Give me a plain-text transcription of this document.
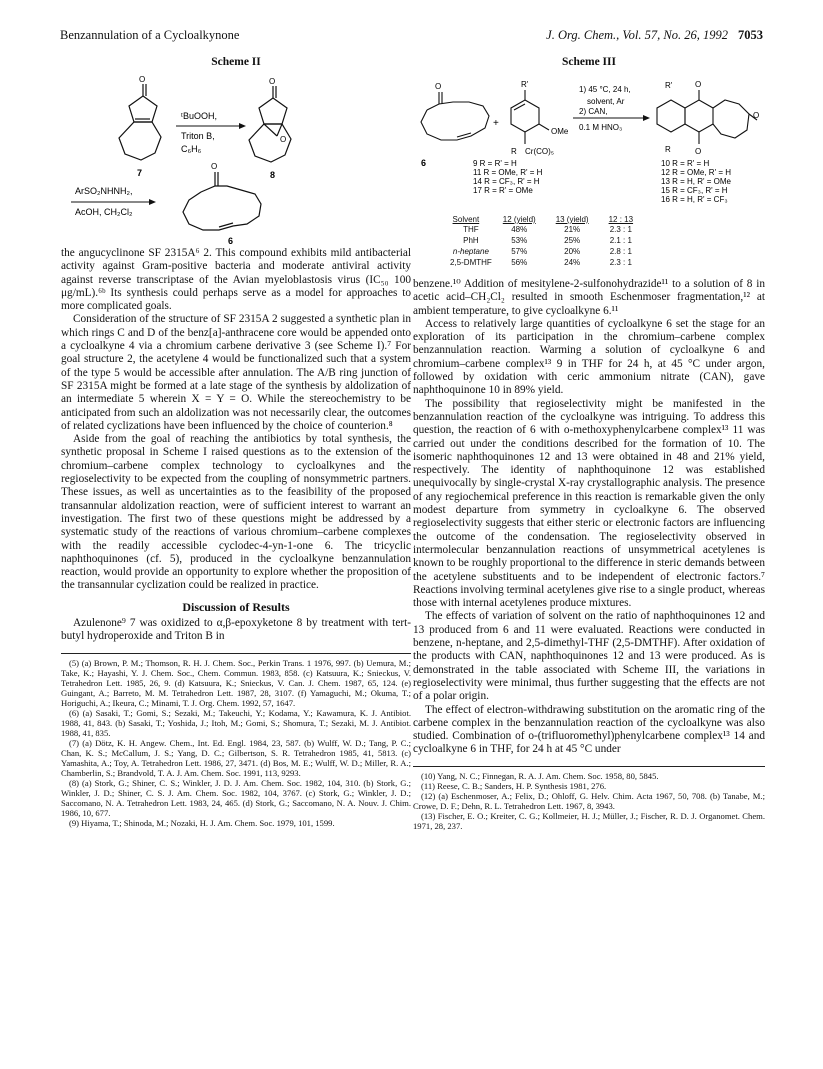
Benzannulation of a Cycloalkynone	J. Org. Chem., Vol. 57, No. 26, 1992 7053
Scheme II
O
7
ᵗBuOOH,
Triton B,
C₆H₆
O
O
8
ArSO₂NHNH₂,
AcOH, CH₂Cl₂
O
6

the angucyclinone SF 2315A⁶ 2. This compound exhibits mild antibacterial activity against Gram-positive bacteria and moderate antiviral activity against reverse transcriptase of the Avian myeloblastosis virus (IC₅₀ 100 μg/mL).⁶ᵇ Its synthesis could perhaps serve as a model for approaches to more complicated goals.

Consideration of the structure of SF 2315A 2 suggested a synthetic plan in which rings C and D of the benz[a]-anthracene core would be appended onto a cycloalkyne 4 via a chromium carbene derivative 3 (see Scheme I).⁷ For goal structure 2, the acetylene 4 would be functionalized such that a system of the type 5 would be accessible after annulation. The A/B ring junction of SF 2315A might be formed at a late stage of the synthesis by aldolization of an intermediate 5 wherein X = Y = O. While the stereochemistry to be anticipated from such an aldolization was not necessarily clear, the outcomes of related cyclizations have been influenced by the choice of counterion.⁸

Aside from the goal of reaching the antibiotics by total synthesis, the synthetic proposal in Scheme I raised questions as to the extension of the chromium–carbene complex technology to cycloalkynes and the regioselectivity to be expected from the coupling of nonsymmetric partners. These issues, as well as uncertainties as to the feasibility of the proposed transannular aldolization reaction, were of sufficient interest to warrant an investigation. The first two of these questions might be addressed by a systematic study of the reactions of various chromium–carbene complexes with the readily accessible cyclodec-4-yn-1-one 6. The tricyclic naphthoquinones (cf. 5), produced in the cycloalkyne benzannulation reaction, would provide an opportunity to explore whether the proposition of the transannular cyclization could be realized in practice.

Discussion of Results

Azulenone⁹ 7 was oxidized to α,β-epoxyketone 8 by treatment with tert-butyl hydroperoxide and Triton B in

(5) (a) Brown, P. M.; Thomson, R. H. J. Chem. Soc., Perkin Trans. 1 1976, 997. (b) Uemura, M.; Take, K.; Hayashi, Y. J. Chem. Soc., Chem. Commun. 1983, 858. (c) Katsuura, K.; Snieckus, V. Tetrahedron Lett. 1985, 26, 9. (d) Katsuura, K.; Snieckus, V. Can. J. Chem. 1987, 65, 124. (e) Guingant, A.; Barreto, M. M. Tetrahedron Lett. 1987, 28, 3107. (f) Yamaguchi, M.; Okuma, T.; Horiguchi, A.; Ikeura, C.; Minami, T. J. Org. Chem. 1992, 57, 1647.

(6) (a) Sasaki, T.; Gomi, S.; Sezaki, M.; Takeuchi, Y.; Kodama, Y.; Kawamura, K. J. Antibiot. 1988, 41, 843. (b) Sasaki, T.; Yoshida, J.; Itoh, M.; Gomi, S.; Shomura, T.; Sezaki, M. J. Antibiot. 1988, 41, 835.

(7) (a) Dötz, K. H. Angew. Chem., Int. Ed. Engl. 1984, 23, 587. (b) Wulff, W. D.; Tang, P. C.; Chan, K. S.; McCallum, J. S.; Yang, D. C.; Gilbertson, S. R. Tetrahedron 1985, 41, 5813. (c) Yamashita, A.; Toy, A. Tetrahedron Lett. 1986, 27, 3471. (d) Bos, M. E.; Wulff, W. D.; Miller, R. A.; Chamberlin, S.; Brandvold, T. A. J. Am. Chem. Soc. 1991, 113, 9293.

(8) (a) Stork, G.; Shiner, C. S.; Winkler, J. D. J. Am. Chem. Soc. 1982, 104, 310. (b) Stork, G.; Winkler, J. D.; Shiner, C. S. J. Am. Chem. Soc. 1982, 104, 3767. (c) Stork, G.; Winkler, J. D.; Saccomano, N. A. Tetrahedron Lett. 1983, 24, 465. (d) Stork, G.; Saccomano, N. A. Nouv. J. Chim. 1986, 10, 677.

(9) Hiyama, T.; Shinoda, M.; Nozaki, H. J. Am. Chem. Soc. 1979, 101, 1599.

Scheme III
O
+
R'
OMe
R Cr(CO)₅
1) 45 °C, 24 h,
solvent, Ar
2) CAN,
0.1 M HNO₃
R'	O
R	O
O
6	9 R = R' = H
11 R = OMe, R' = H
14 R = CF₃, R' = H
17 R = R' = OMe
10 R = R' = H
12 R = OMe, R' = H
13 R = H, R' = OMe
15 R = CF₃, R' = H
16 R = H, R' = CF₃
Solvent	12 (yield)	13 (yield)	12 : 13
THF	48%	21%	2.3 : 1
PhH	53%	25%	2.1 : 1
n-heptane	57%	20%	2.8 : 1
2,5-DMTHF	56%	24%	2.3 : 1

benzene.¹⁰ Addition of mesitylene-2-sulfonohydrazide¹¹ to a solution of 8 in acetic acid–CH₂Cl₂ resulted in smooth Eschenmoser fragmentation,¹² at ambient temperature, to give cycloalkyne 6.¹¹

Access to relatively large quantities of cycloalkyne 6 set the stage for an exploration of its participation in the chromium–carbene complex benzannulation reaction. Warming a solution of cycloalkyne 6 and chromium–carbene complex¹³ 9 in THF for 24 h, at 45 °C under argon, followed by oxidation with ceric ammonium nitrate (CAN), gave naphthoquinone 10 in 89% yield.

The possibility that regioselectivity might be manifested in the benzannulation reaction of the cycloalkyne was intriguing. To address this question, the reaction of 6 with o-methoxyphenylcarbene complex¹³ 11 was carried out under the conditions described for the formation of 10. The isomeric naphthoquinones 12 and 13 were obtained in 48 and 21% yield, respectively. The identity of naphthoquinone 12 was established unequivocally by single-crystal X-ray crystallographic analysis. The presence of any regiochemical preference in this reaction is remarkable given the only modest departure from symmetry in cycloalkyne 6. The observed regioselectivity suggests that either steric or electronic factors are influencing the outcome of the condensation. The regioselectivity observed in intermolecular benzannulation reactions of unsymmetrical acetylenes is known to be roughly proportional to the difference in steric demands between the acetylene substituents and to be independent of electronic factors.⁷ Reactions involving terminal acetylenes give rise to a single product, whereas those with internal acetylenes produce mixtures.

The effects of variation of solvent on the ratio of naphthoquinones 12 and 13 produced from 6 and 11 were evaluated. Reactions were conducted in benzene, n-heptane, and 2,5-dimethyl-THF (2,5-DMTHF). After oxidation of the products with CAN, naphthoquinones 12 and 13 were produced. As is demonstrated in the table associated with Scheme III, the variations in regioselectivity were minimal, thus further suggesting that the effects are not of a polar origin.

The effect of electron-withdrawing substitution on the aromatic ring of the carbene complex in the benzannulation reaction of the cycloalkyne was also studied. Combination of o-(trifluoromethyl)phenylcarbene complex¹³ 14 and cycloalkyne 6 in THF, for 24 h at 45 °C under

(10) Yang, N. C.; Finnegan, R. A. J. Am. Chem. Soc. 1958, 80, 5845.

(11) Reese, C. B.; Sanders, H. P. Synthesis 1981, 276.

(12) (a) Eschenmoser, A.; Felix, D.; Ohloff, G. Helv. Chim. Acta 1967, 50, 708. (b) Tanabe, M.; Crowe, D. F.; Dehn, R. L. Tetrahedron Lett. 1967, 8, 3943.

(13) Fischer, E. O.; Kreiter, C. G.; Kollmeier, H. J.; Müller, J.; Fischer, R. D. J. Organomet. Chem. 1971, 28, 237.
